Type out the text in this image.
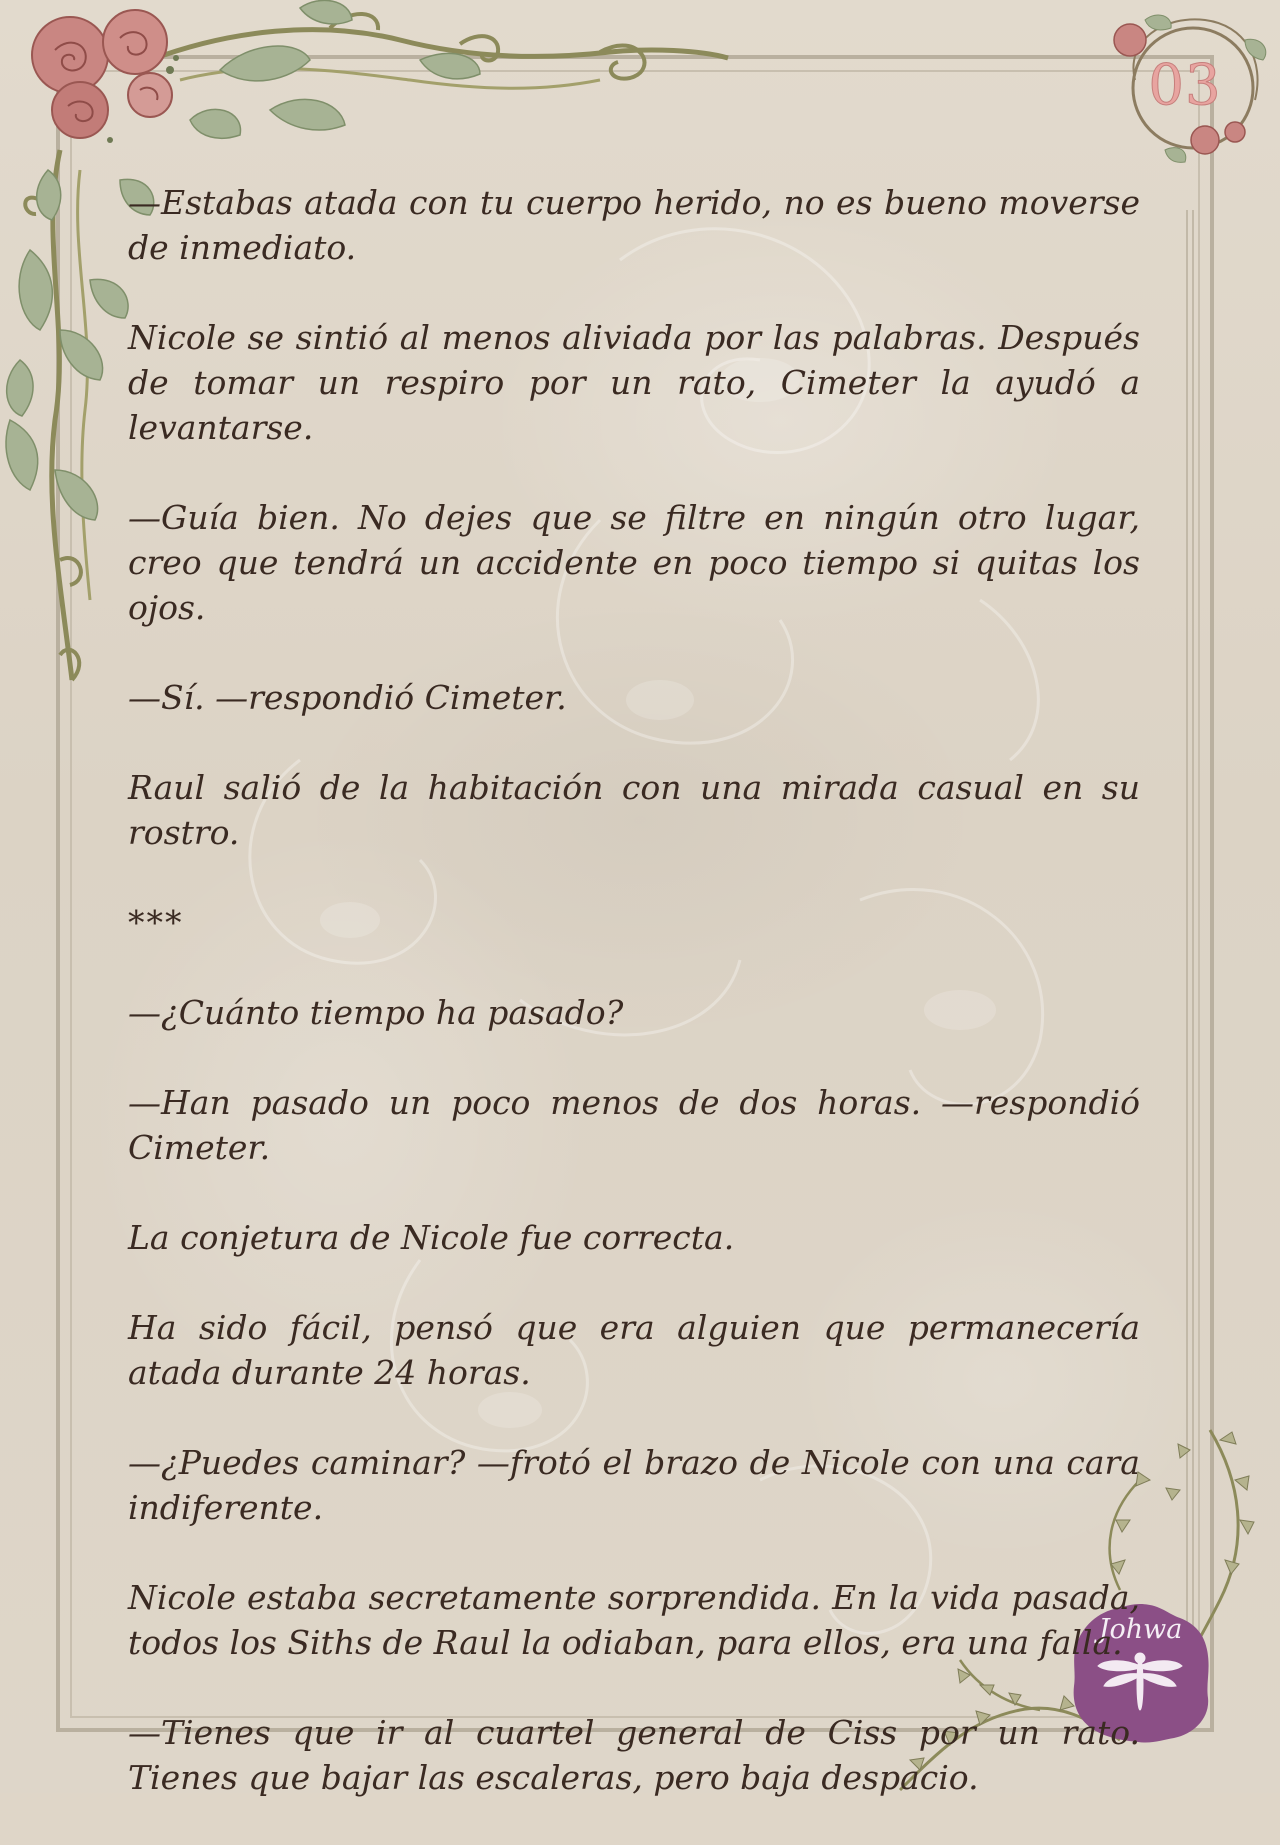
03
Johwa

—Estabas atada con tu cuerpo herido, no es bueno moverse de inmediato.

Nicole se sintió al menos aliviada por las palabras. Después de tomar un respiro por un rato, Cimeter la ayudó a levantarse.

—Guía bien. No dejes que se filtre en ningún otro lugar, creo que tendrá un accidente en poco tiempo si quitas los ojos.

—Sí. —respondió Cimeter.

Raul salió de la habitación con una mirada casual en su rostro.

***

—¿Cuánto tiempo ha pasado?

—Han pasado un poco menos de dos horas. —respondió Cimeter.

La conjetura de Nicole fue correcta.

Ha sido fácil, pensó que era alguien que permanecería atada durante 24 horas.

—¿Puedes caminar? —frotó el brazo de Nicole con una cara indiferente.

Nicole estaba secretamente sorprendida. En la vida pasada, todos los Siths de Raul la odiaban, para ellos, era una falla.

—Tienes que ir al cuartel general de Ciss por un rato. Tienes que bajar las escaleras, pero baja despacio.
